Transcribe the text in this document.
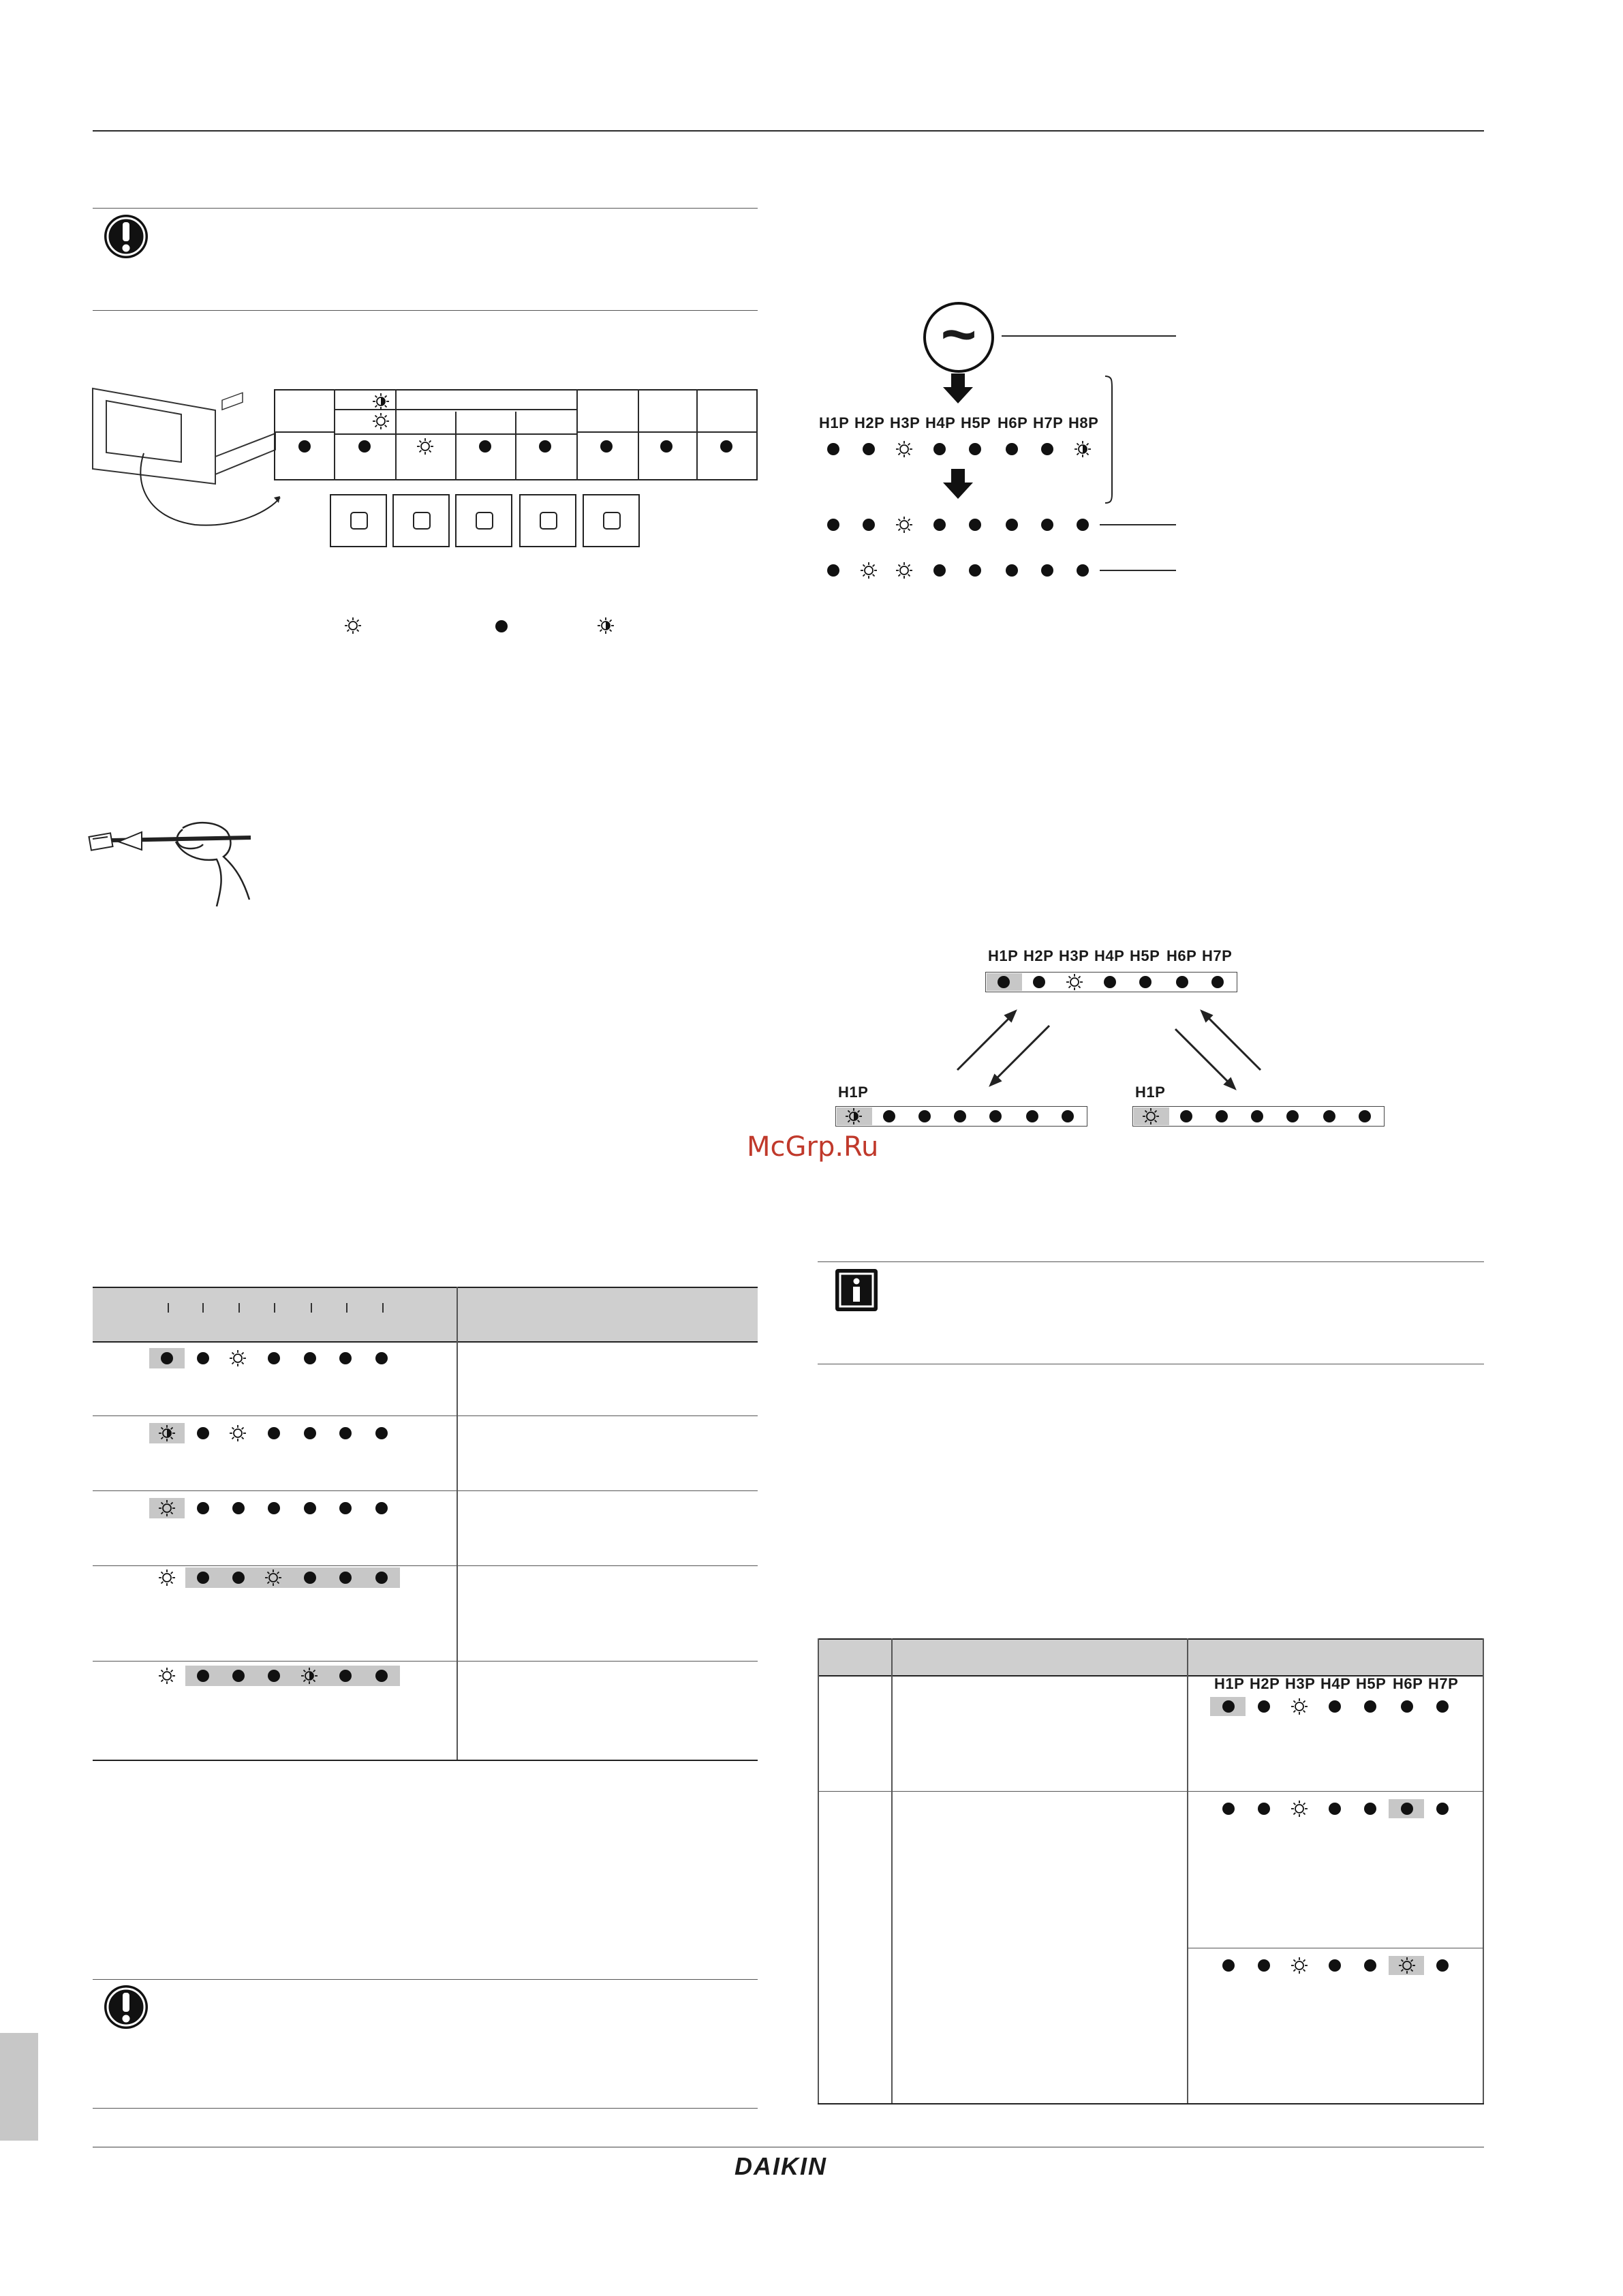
~
H1P H2P H3P H4P H5P H6P H7P H8P
H1P H2P H3P H4P H5P H6P H7P
H1P	H1P
McGrp.Ru
H1P H2P H3P H4P H5P H6P H7P
DAIKIN
